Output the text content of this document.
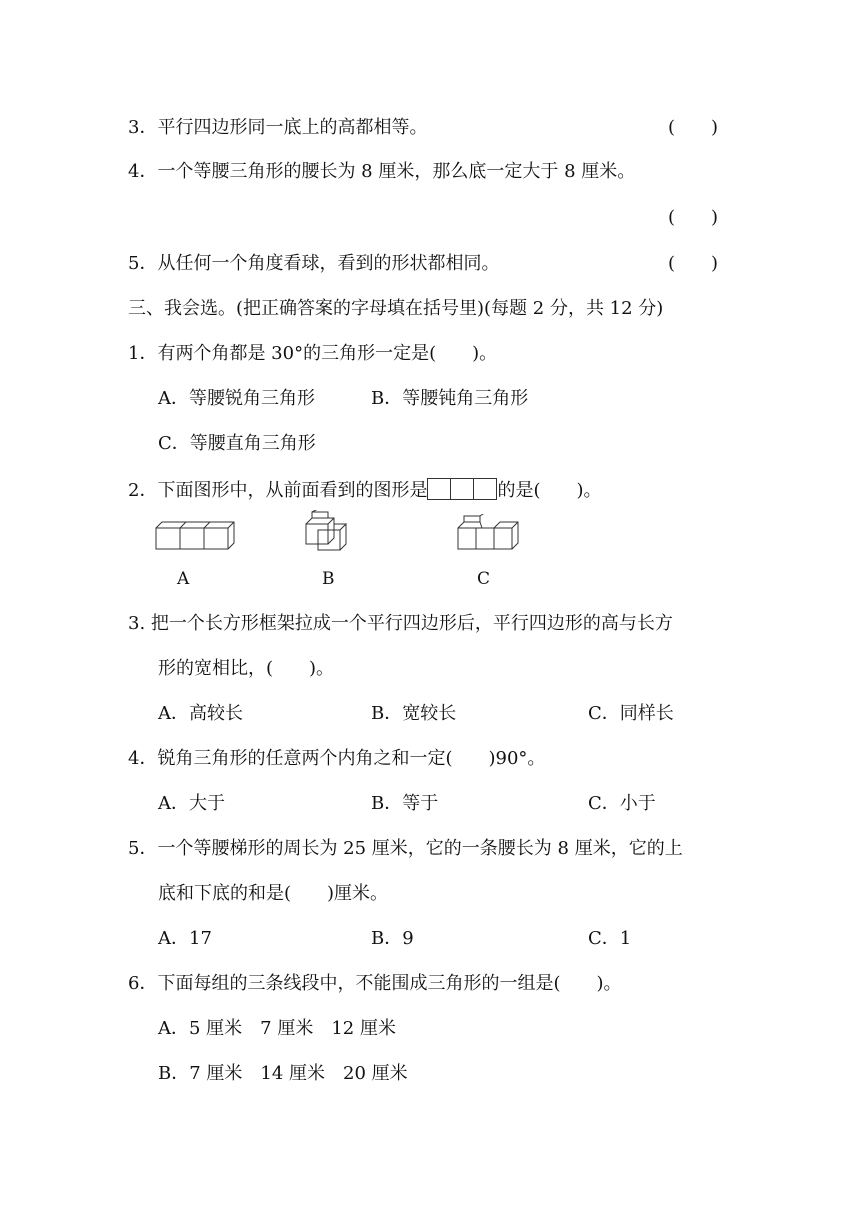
3．平行四边形同一底上的高都相等。	(　　)
4．一个等腰三角形的腰长为 8 厘米，那么底一定大于 8 厘米。
(　　)
5．从任何一个角度看球，看到的形状都相同。	(　　)
三、我会选。(把正确答案的字母填在括号里)(每题 2 分，共 12 分)
1．有两个角都是 30°的三角形一定是(　　)。
A．等腰锐角三角形	B．等腰钝角三角形
C．等腰直角三角形
2．下面图形中，从前面看到的图形是	的是(　　)。
A	B	C
3. 把一个长方形框架拉成一个平行四边形后，平行四边形的高与长方
形的宽相比，(　　)。
A．高较长	B．宽较长	C．同样长
4．锐角三角形的任意两个内角之和一定(　　)90°。
A．大于	B．等于	C．小于
5．一个等腰梯形的周长为 25 厘米，它的一条腰长为 8 厘米，它的上
底和下底的和是(　　)厘米。
A．17	B．9	C．1
6．下面每组的三条线段中，不能围成三角形的一组是(　　)。
A．5 厘米　7 厘米　12 厘米
B．7 厘米　14 厘米　20 厘米
